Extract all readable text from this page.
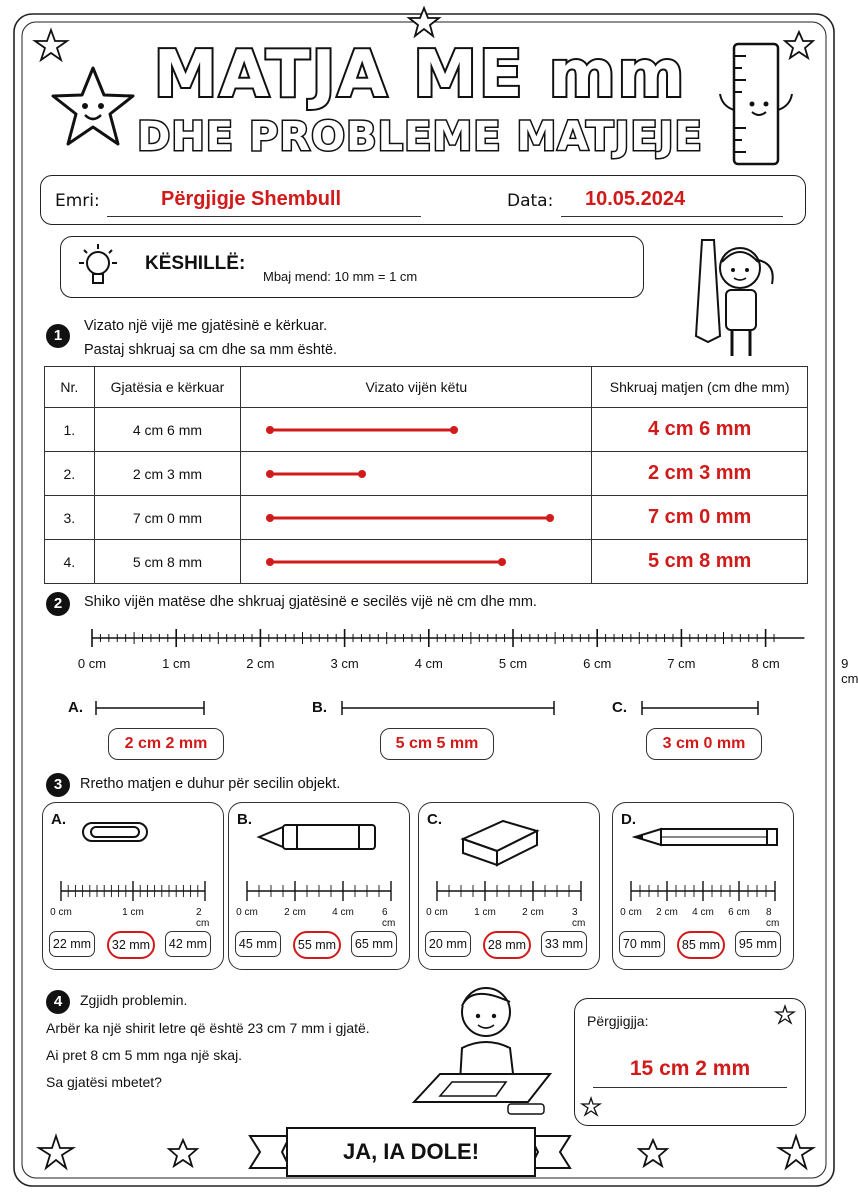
MATJA ME mm
DHE PROBLEME MATJEJE
Emri:	Përgjigje Shembull	Data: 10.05.2024
KËSHILLË:
Mbaj mend: 10 mm = 1 cm
1
Vizato një vijë me gjatësinë e kërkuar.
Pastaj shkruaj sa cm dhe sa mm është.
Nr.	Gjatësia e kërkuar	Vizato vijën këtu	Shkruaj matjen (cm dhe mm)
1.	4 cm 6 mm		4 cm 6 mm
2.	2 cm 3 mm		2 cm 3 mm
3.	7 cm 0 mm		7 cm 0 mm
4.	5 cm 8 mm		5 cm 8 mm
2	Shiko vijën matëse dhe shkruaj gjatësinë e secilës vijë në cm dhe mm.
0 cm	1 cm	2 cm	3 cm	4 cm	5 cm	6 cm	7 cm	8 cm	9 cm
A.
2 cm 2 mm
B.
5 cm 5 mm
C.
3 cm 0 mm
3	Rretho matjen e duhur për secilin objekt.
A.
0 cm	1 cm	2 cm
22 mm	32 mm	42 mm
B.
0 cm	2 cm	4 cm	6 cm
45 mm	55 mm	65 mm
C.
0 cm	1 cm	2 cm	3 cm
20 mm	28 mm	33 mm
D.
0 cm 2 cm 4 cm 6 cm 8 cm
70 mm	85 mm	95 mm
4	Zgjidh problemin.
Arbër ka një shirit letre që është 23 cm 7 mm i gjatë.
Ai pret 8 cm 5 mm nga një skaj.
Sa gjatësi mbetet?
Përgjigjja:
15 cm 2 mm
JA, IA DOLE!
